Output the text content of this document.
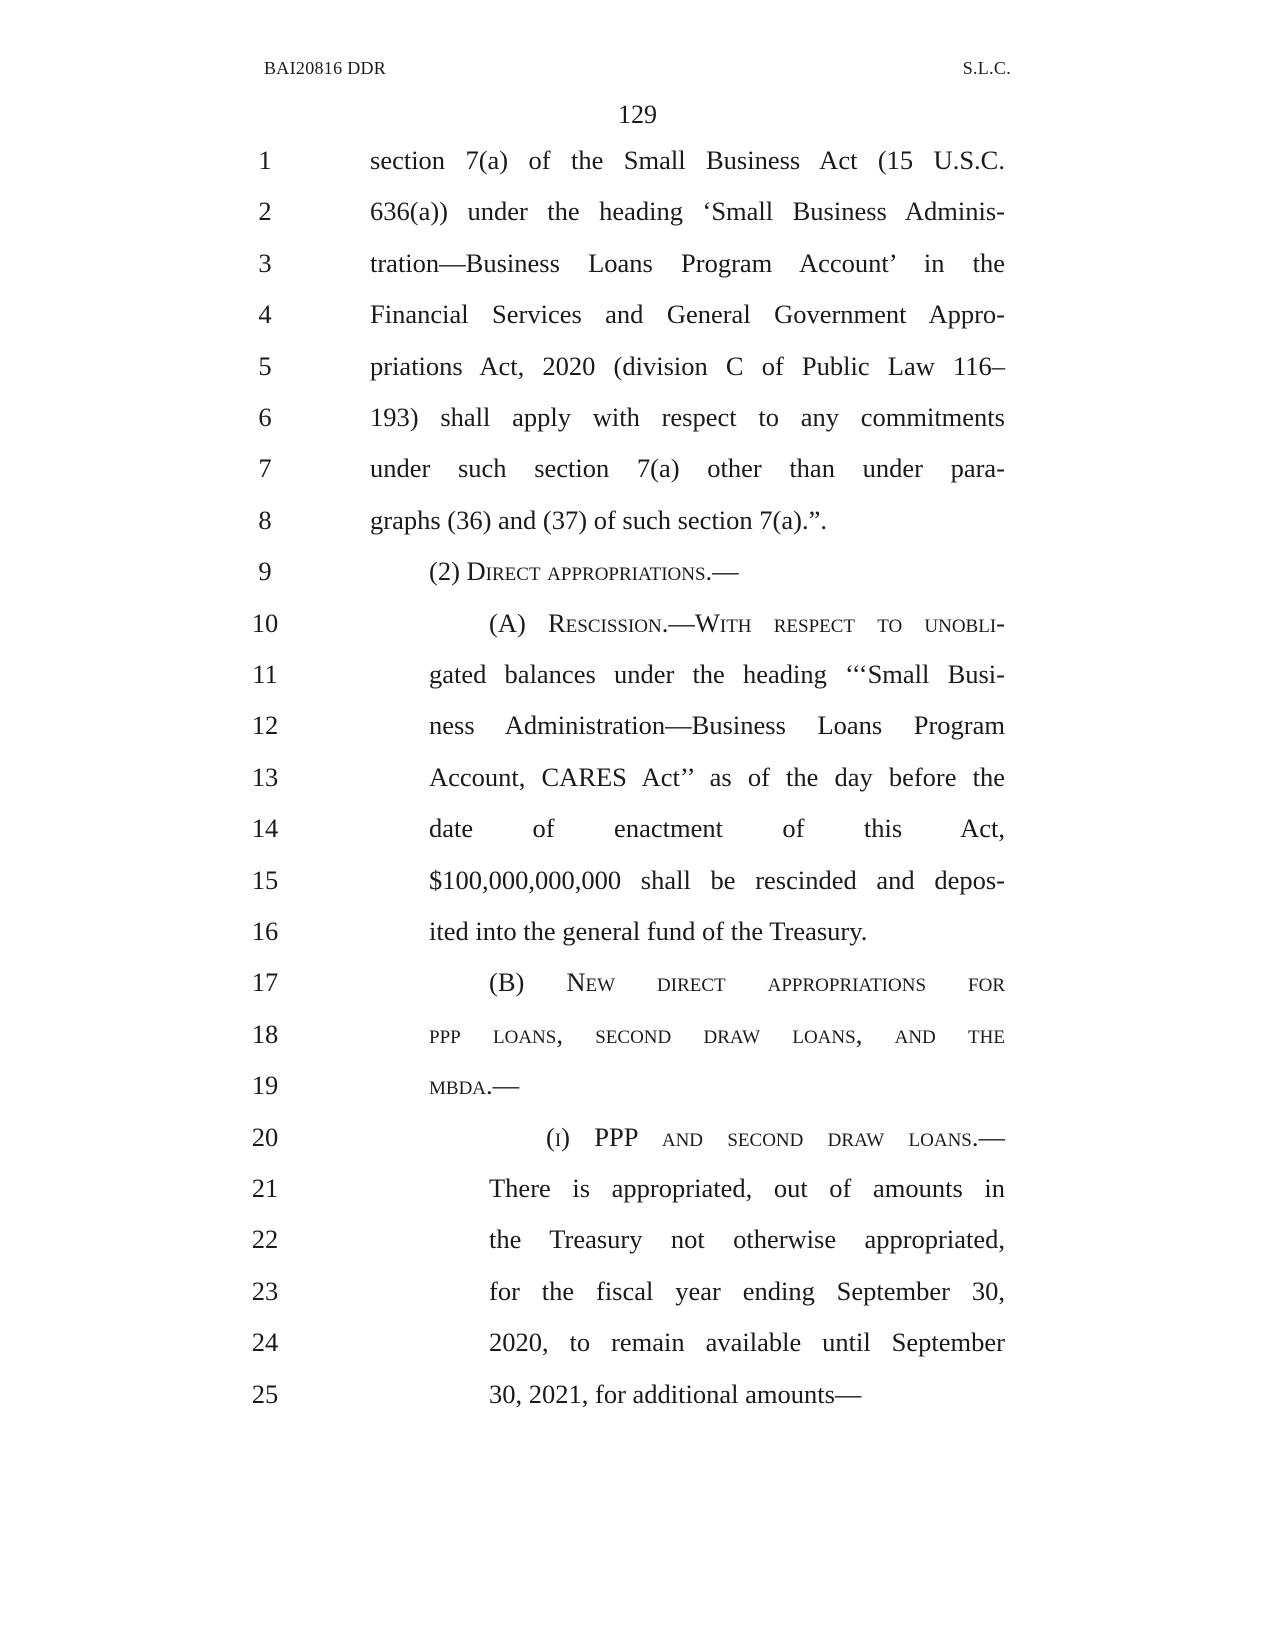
BAI20816 DDR	S.L.C.
129
1	section 7(a) of the Small Business Act (15 U.S.C.
2	636(a)) under the heading ‘Small Business Adminis-
3	tration—Business Loans Program Account’ in the
4	Financial Services and General Government Appro-
5	priations Act, 2020 (division C of Public Law 116–
6	193) shall apply with respect to any commitments
7	under such section 7(a) other than under para-
8	graphs (36) and (37) of such section 7(a).”.
9	(2) Direct appropriations.—
10	(A) Rescission.—With respect to unobli-
11	gated balances under the heading ‘‘‘Small Busi-
12	ness Administration—Business Loans Program
13	Account, CARES Act’’ as of the day before the
14	date of enactment of this Act,
15	$100,000,000,000 shall be rescinded and depos-
16	ited into the general fund of the Treasury.
17	(B) New direct appropriations for
18	ppp loans, second draw loans, and the
19	mbda.—
20	(i) PPP and second draw loans.—
21	There is appropriated, out of amounts in
22	the Treasury not otherwise appropriated,
23	for the fiscal year ending September 30,
24	2020, to remain available until September
25	30, 2021, for additional amounts—
